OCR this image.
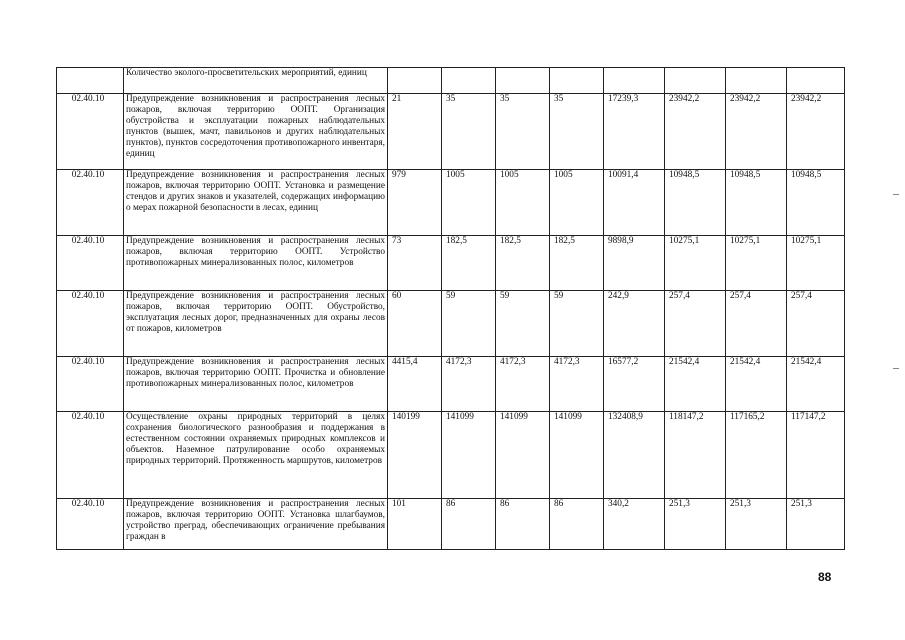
	Количество эколого-просветительских мероприятий, единиц								
02.40.10	Предупреждение возникновения и распространения лесных пожаров, включая территорию ООПТ. Организация обустройства и эксплуатации пожарных наблюдательных пунктов (вышек, мачт, павильонов и других наблюдательных пунктов), пунктов сосредоточения противопожарного инвентаря, единиц	21	35	35	35	17239,3	23942,2	23942,2	23942,2
02.40.10	Предупреждение возникновения и распространения лесных пожаров, включая территорию ООПТ. Установка и размещение стендов и других знаков и указателей, содержащих информацию о мерах пожарной безопасности в лесах, единиц	979	1005	1005	1005	10091,4	10948,5	10948,5	10948,5
02.40.10	Предупреждение возникновения и распространения лесных пожаров, включая территорию ООПТ. Устройство противопожарных минерализованных полос, километров	73	182,5	182,5	182,5	9898,9	10275,1	10275,1	10275,1
02.40.10	Предупреждение возникновения и распространения лесных пожаров, включая территорию ООПТ. Обустройство, эксплуатация лесных дорог, предназначенных для охраны лесов от пожаров, километров	60	59	59	59	242,9	257,4	257,4	257,4
02.40.10	Предупреждение возникновения и распространения лесных пожаров, включая территорию ООПТ. Прочистка и обновление противопожарных минерализованных полос, километров	4415,4	4172,3	4172,3	4172,3	16577,2	21542,4	21542,4	21542,4
02.40.10	Осуществление охраны природных территорий в целях сохранения биологического разнообразия и поддержания в естественном состоянии охраняемых природных комплексов и объектов. Наземное патрулирование особо охраняемых природных территорий. Протяженность маршрутов, километров	140199	141099	141099	141099	132408,9	118147,2	117165,2	117147,2
02.40.10	Предупреждение возникновения и распространения лесных пожаров, включая территорию ООПТ. Установка шлагбаумов, устройство преград, обеспечивающих ограничение пребывания граждан в	101	86	86	86	340,2	251,3	251,3	251,3
88
